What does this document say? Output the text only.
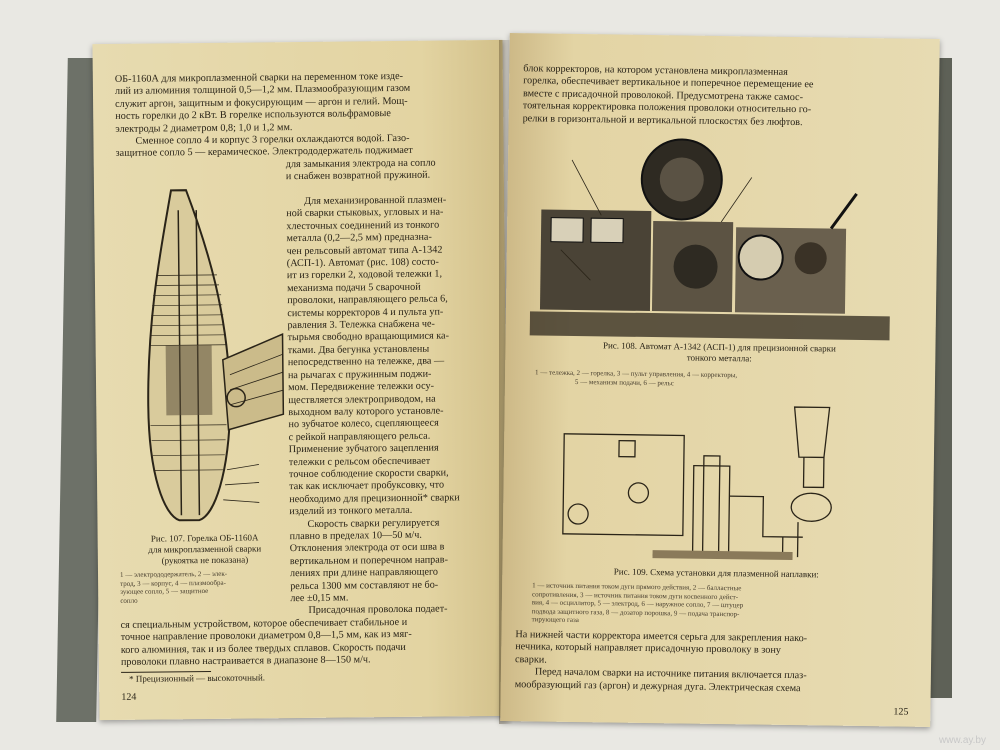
ОБ-1160А для микроплазменной сварки на переменном токе изде-
лий из алюминия толщиной 0,5—1,2 мм. Плазмообразующим газом
служит аргон, защитным и фокусирующим — аргон и гелий. Мощ-
ность горелки до 2 кВт. В горелке используются вольфрамовые
электроды 2 диаметром 0,8; 1,0 и 1,2 мм.
Сменное сопло 4 и корпус 3 горелки охлаждаются водой. Газо-
защитное сопло 5 — керамическое. Электрододержатель поджимает
для замыкания электрода на сопло
и снабжен возвратной пружиной.
Для механизированной плазмен-
ной сварки стыковых, угловых и на-
хлесточных соединений из тонкого
металла (0,2—2,5 мм) предназна-
чен рельсовый автомат типа А-1342
(АСП-1). Автомат (рис. 108) состо-
ит из горелки 2, ходовой тележки 1,
механизма подачи 5 сварочной
проволоки, направляющего рельса 6,
системы корректоров 4 и пульта уп-
равления 3. Тележка снабжена че-
тырьмя свободно вращающимися ка-
тками. Два бегунка установлены
непосредственно на тележке, два —
на рычагах с пружинным поджи-
мом. Передвижение тележки осу-
ществляется электроприводом, на
выходном валу которого установле-
но зубчатое колесо, сцепляющееся
с рейкой направляющего рельса.
Применение зубчатого зацепления
тележки с рельсом обеспечивает
точное соблюдение скорости сварки,
так как исключает пробуксовку, что
необходимо для прецизионной* сварки
изделий из тонкого металла.
Скорость сварки регулируется
плавно в пределах 10—50 м/ч.
Отклонения электрода от оси шва в
вертикальном и поперечном направ-
лениях при длине направляющего
рельса 1300 мм составляют не бо-
лее ±0,15 мм.
Присадочная проволока подает-
Рис. 107. Горелка ОБ-1160А
для микроплазменной сварки
(рукоятка не показана)
1 — электрододержатель, 2 — элек-
трод, 3 — корпус, 4 — плазмообра-
зующее сопло, 5 — защитное
сопло
ся специальным устройством, которое обеспечивает стабильное и
точное направление проволоки диаметром 0,8—1,5 мм, как из мяг-
кого алюминия, так и из более твердых сплавов. Скорость подачи
проволоки плавно настраивается в диапазоне 8—150 м/ч.
* Прецизионный — высокоточный.
124
блок корректоров, на котором установлена микроплазменная
горелка, обеспечивает вертикальное и поперечное перемещение ее
вместе с присадочной проволокой. Предусмотрена также самос-
тоятельная корректировка положения проволоки относительно го-
релки в горизонтальной и вертикальной плоскостях без люфтов.
Рис. 108. Автомат А-1342 (АСП-1) для прецизионной сварки
тонкого металла:
1 — тележка, 2 — горелка, 3 — пульт управления, 4 — корректоры,
5 — механизм подачи, 6 — рельс
Рис. 109. Схема установки для плазменной наплавки:
1 — источник питания током дуги прямого действия, 2 — балластные
сопротивления, 3 — источник питания током дуги косвенного дейст-
вия, 4 — осциллятор, 5 — электрод, 6 — наружное сопло, 7 — штуцер
подвода защитного газа, 8 — дозатор порошка, 9 — подача транспор-
тирующего газа
На нижней части корректора имеется серьга для закрепления нако-
нечника, который направляет присадочную проволоку в зону
сварки.
Перед началом сварки на источнике питания включается плаз-
мообразующий газ (аргон) и дежурная дуга. Электрическая схема
125
www.ay.by
